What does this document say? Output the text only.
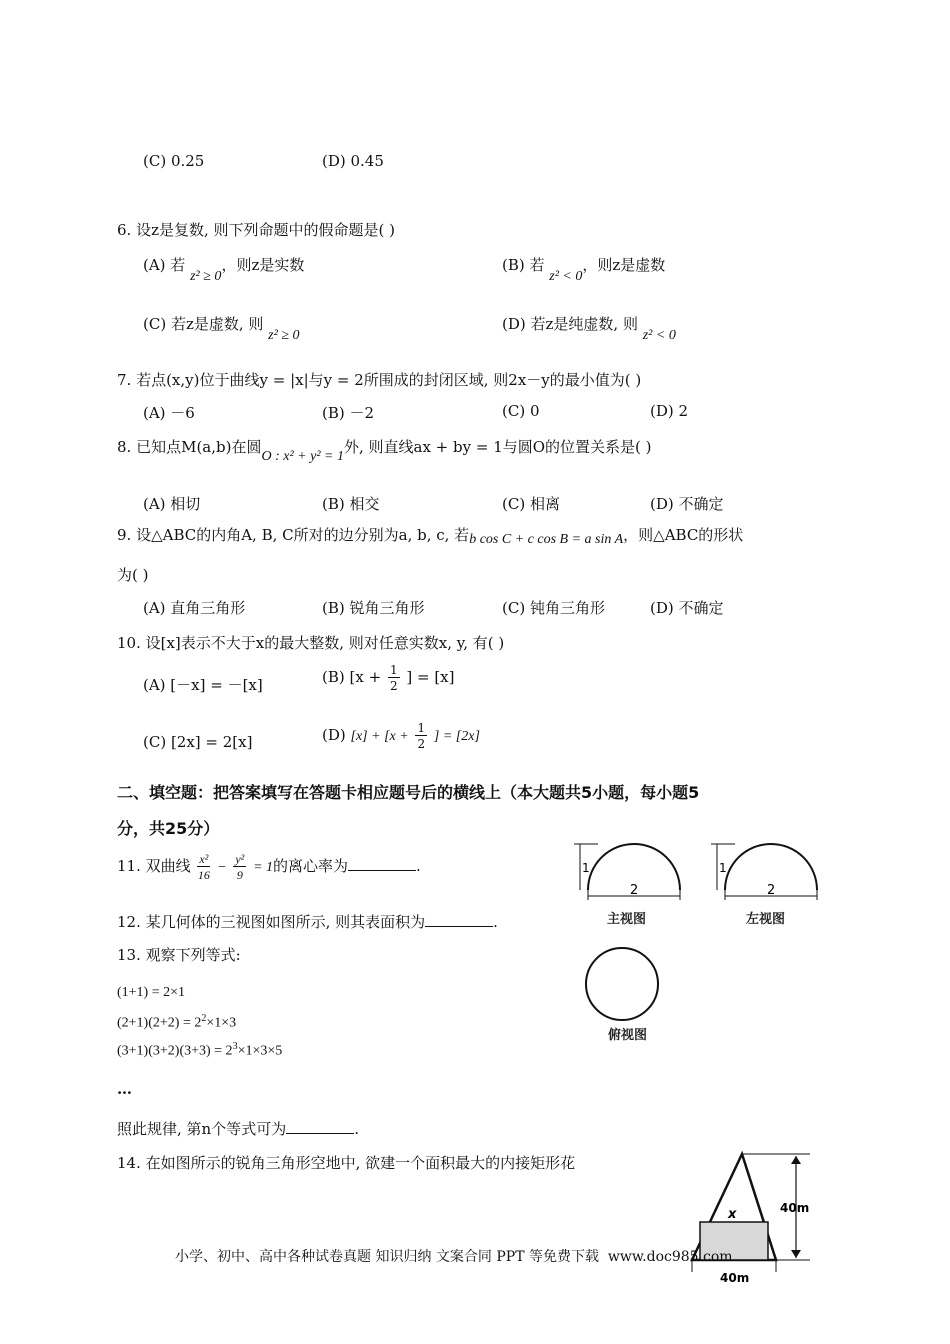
(C) 0.25	(D) 0.45
6. 设z是复数, 则下列命题中的假命题是( )
(A) 若 z² ≥ 0，则z是实数	(B) 若 z² < 0，则z是虚数
(C) 若z是虚数, 则 z² ≥ 0
(D) 若z是纯虚数, 则 z² < 0
7. 若点(x,y)位于曲线y = |x|与y = 2所围成的封闭区域, 则2x－y的最小值为( )
(A) －6	(B) －2	(C) 0	(D) 2
8. 已知点M(a,b)在圆O : x² + y² = 1外, 则直线ax + by = 1与圆O的位置关系是( )
(A) 相切	(B) 相交	(C) 相离	(D) 不确定
9. 设△ABC的内角A, B, C所对的边分别为a, b, c, 若b cos C + c cos B = a sin A，则△ABC的形状
为( )
(A) 直角三角形	(B) 锐角三角形	(C) 钝角三角形	(D) 不确定
10. 设[x]表示不大于x的最大整数, 则对任意实数x, y, 有( )
(A) [－x] = －[x]	(B) [$x + \frac{1}{2}$ ] = [x]
(C) [2x] = 2[x]	(D) $[x] + [x + \frac{1}{2}$ ] = [2x]
二、填空题：把答案填写在答题卡相应题号后的横线上（本大题共5小题，每小题5
分，共25分）
11. 双曲线 $\frac{\text{x²}}{16} - \frac{\text{y²}}{9} = 1$的离心率为	.
12. 某几何体的三视图如图所示, 则其表面积为	.
13. 观察下列等式:
(1+1) = 2×1
$(2+1)(2+2) = 2^2\times 1\times 3$
$(3+1)(3+2)(3+3) = 2^3\times 1\times 3\times 5$
…
照此规律, 第n个等式可为	.
14. 在如图所示的锐角三角形空地中, 欲建一个面积最大的内接矩形花
1
2
主视图
1
2
左视图
俯视图
x	40m
40m
小学、初中、高中各种试卷真题 知识归纳 文案合同 PPT 等免费下载 www.doc985.com
